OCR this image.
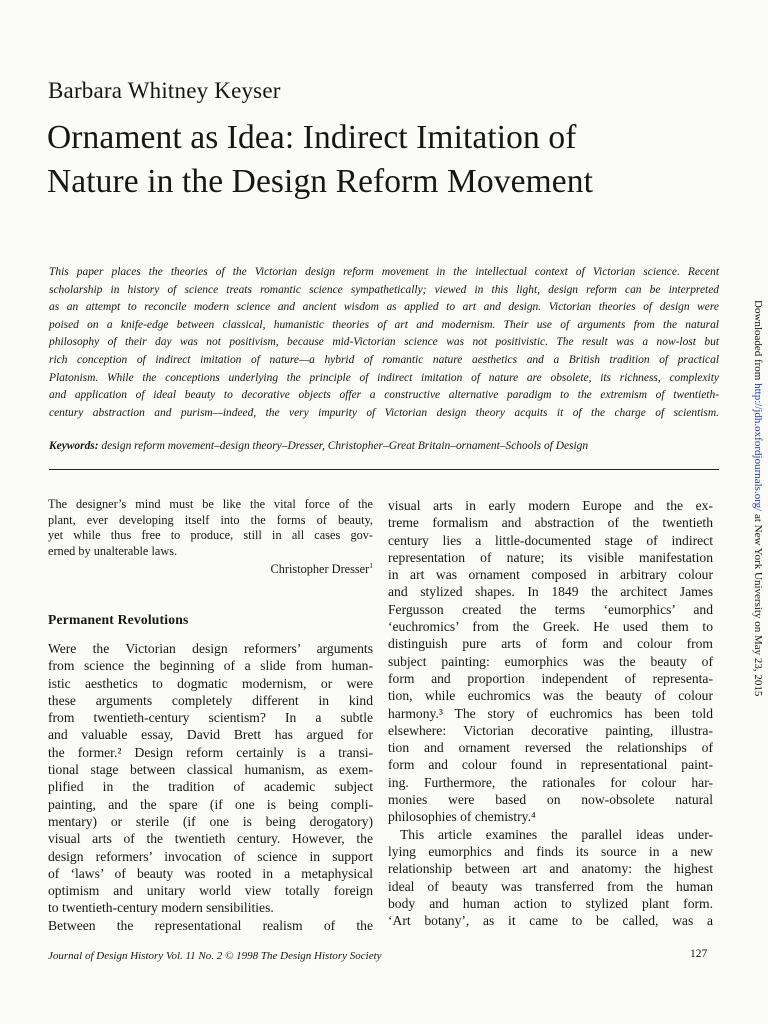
Barbara Whitney Keyser
Ornament as Idea: Indirect Imitation of
Nature in the Design Reform Movement
This paper places the theories of the Victorian design reform movement in the intellectual context of Victorian science. Recent
scholarship in history of science treats romantic science sympathetically; viewed in this light, design reform can be interpreted
as an attempt to reconcile modern science and ancient wisdom as applied to art and design. Victorian theories of design were
poised on a knife-edge between classical, humanistic theories of art and modernism. Their use of arguments from the natural
philosophy of their day was not positivism, because mid-Victorian science was not positivistic. The result was a now-lost but
rich conception of indirect imitation of nature—a hybrid of romantic nature aesthetics and a British tradition of practical
Platonism. While the conceptions underlying the principle of indirect imitation of nature are obsolete, its richness, complexity
and application of ideal beauty to decorative objects offer a constructive alternative paradigm to the extremism of twentieth-
century abstraction and purism—indeed, the very impurity of Victorian design theory acquits it of the charge of scientism.
Keywords: design reform movement–design theory–Dresser, Christopher–Great Britain–ornament–Schools of Design
The designer’s mind must be like the vital force of the
plant, ever developing itself into the forms of beauty,
yet while thus free to produce, still in all cases gov-
erned by unalterable laws.
Christopher Dresser$^1$
Permanent Revolutions
Were the Victorian design reformers’ arguments
from science the beginning of a slide from human-
istic aesthetics to dogmatic modernism, or were
these arguments completely different in kind
from twentieth-century scientism? In a subtle
and valuable essay, David Brett has argued for
the former.² Design reform certainly is a transi-
tional stage between classical humanism, as exem-
plified in the tradition of academic subject
painting, and the spare (if one is being compli-
mentary) or sterile (if one is being derogatory)
visual arts of the twentieth century. However, the
design reformers’ invocation of science in support
of ‘laws’ of beauty was rooted in a metaphysical
optimism and unitary world view totally foreign
to twentieth-century modern sensibilities.
Between the representational realism of the
visual arts in early modern Europe and the ex-
treme formalism and abstraction of the twentieth
century lies a little-documented stage of indirect
representation of nature; its visible manifestation
in art was ornament composed in arbitrary colour
and stylized shapes. In 1849 the architect James
Fergusson created the terms ‘eumorphics’ and
‘euchromics’ from the Greek. He used them to
distinguish pure arts of form and colour from
subject painting: eumorphics was the beauty of
form and proportion independent of representa-
tion, while euchromics was the beauty of colour
harmony.³ The story of euchromics has been told
elsewhere: Victorian decorative painting, illustra-
tion and ornament reversed the relationships of
form and colour found in representational paint-
ing. Furthermore, the rationales for colour har-
monies were based on now-obsolete natural
philosophies of chemistry.⁴
This article examines the parallel ideas under-
lying eumorphics and finds its source in a new
relationship between art and anatomy: the highest
ideal of beauty was transferred from the human
body and human action to stylized plant form.
‘Art botany’, as it came to be called, was a
Journal of Design History Vol. 11 No. 2 © 1998 The Design History Society	127
Downloaded from http://jdh.oxfordjournals.org/ at New York University on May 23, 2015
